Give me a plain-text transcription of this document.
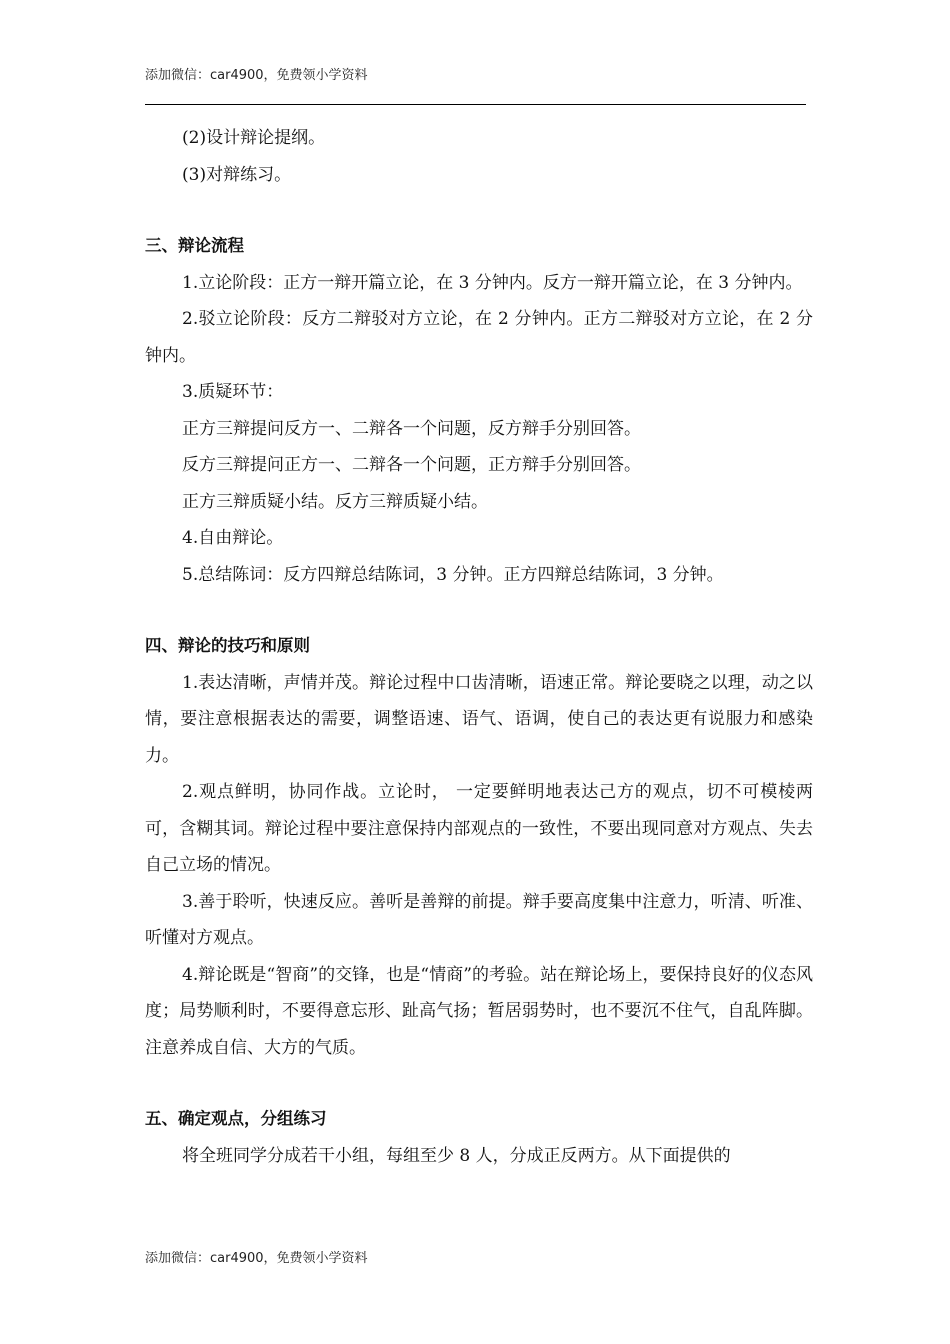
添加微信：car4900，免费领小学资料

(2)设计辩论提纲。

(3)对辩练习。

三、辩论流程

1.立论阶段：正方一辩开篇立论，在 3 分钟内。反方一辩开篇立论，在 3 分钟内。

2.驳立论阶段：反方二辩驳对方立论，在 2 分钟内。正方二辩驳对方立论，在 2 分钟内。

3.质疑环节：

正方三辩提问反方一、二辩各一个问题，反方辩手分别回答。

反方三辩提问正方一、二辩各一个问题，正方辩手分别回答。

正方三辩质疑小结。反方三辩质疑小结。

4.自由辩论。

5.总结陈词：反方四辩总结陈词，3 分钟。正方四辩总结陈词，3 分钟。

四、辩论的技巧和原则

1.表达清晰，声情并茂。辩论过程中口齿清晰，语速正常。辩论要晓之以理，动之以情，要注意根据表达的需要，调整语速、语气、语调，使自己的表达更有说服力和感染力。

2.观点鲜明，协同作战。立论时， 一定要鲜明地表达己方的观点，切不可模棱两可，含糊其词。辩论过程中要注意保持内部观点的一致性，不要出现同意对方观点、失去自己立场的情况。

3.善于聆听，快速反应。善听是善辩的前提。辩手要高度集中注意力，听清、听准、听懂对方观点。

4.辩论既是“智商”的交锋，也是“情商”的考验。站在辩论场上，要保持良好的仪态风度；局势顺利时，不要得意忘形、趾高气扬；暂居弱势时，也不要沉不住气，自乱阵脚。注意养成自信、大方的气质。

五、确定观点，分组练习

将全班同学分成若干小组，每组至少 8 人，分成正反两方。从下面提供的

添加微信：car4900，免费领小学资料
